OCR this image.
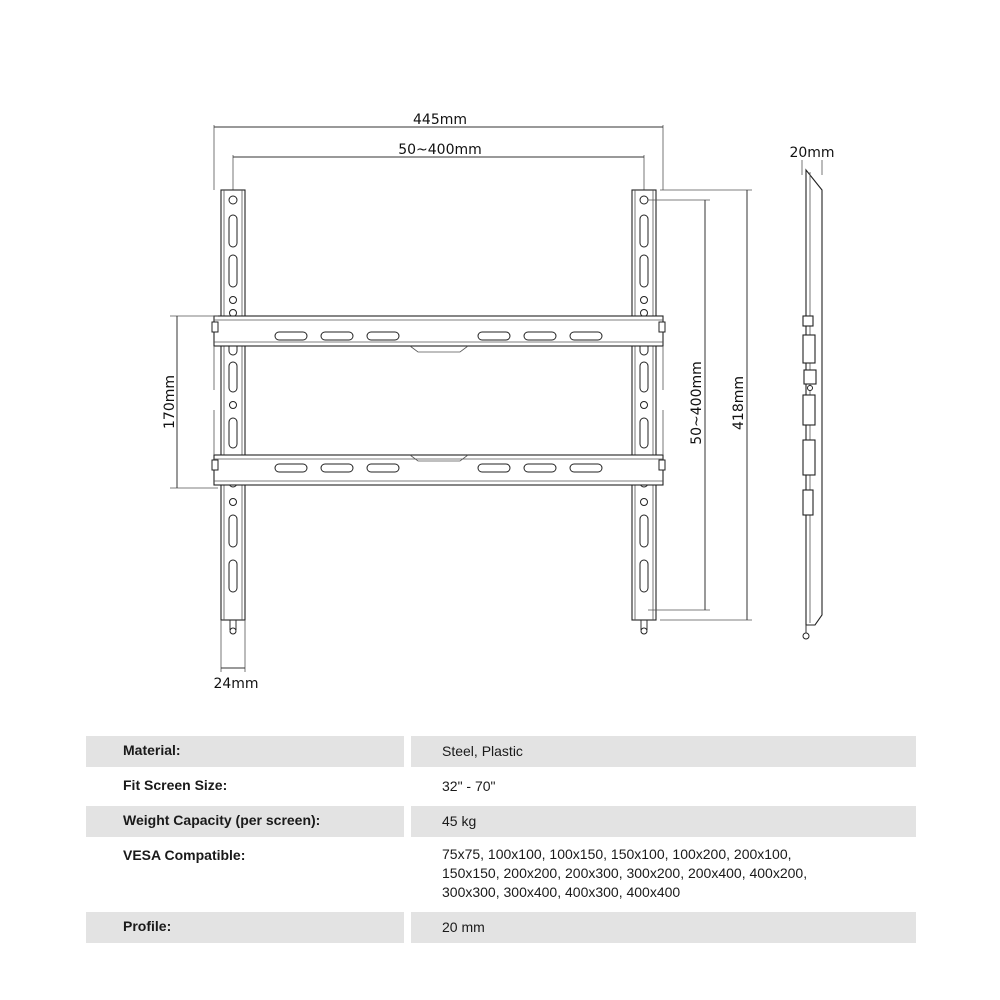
445mm
50~400mm
170mm	50~400mm 418mm
24mm
20mm
Material:	Steel, Plastic
Fit Screen Size:	32" - 70"
Weight Capacity (per screen):	45 kg
VESA Compatible:	75x75, 100x100, 100x150, 150x100, 100x200, 200x100,
150x150, 200x200, 200x300, 300x200, 200x400, 400x200,
300x300, 300x400, 400x300, 400x400
Profile:	20 mm
